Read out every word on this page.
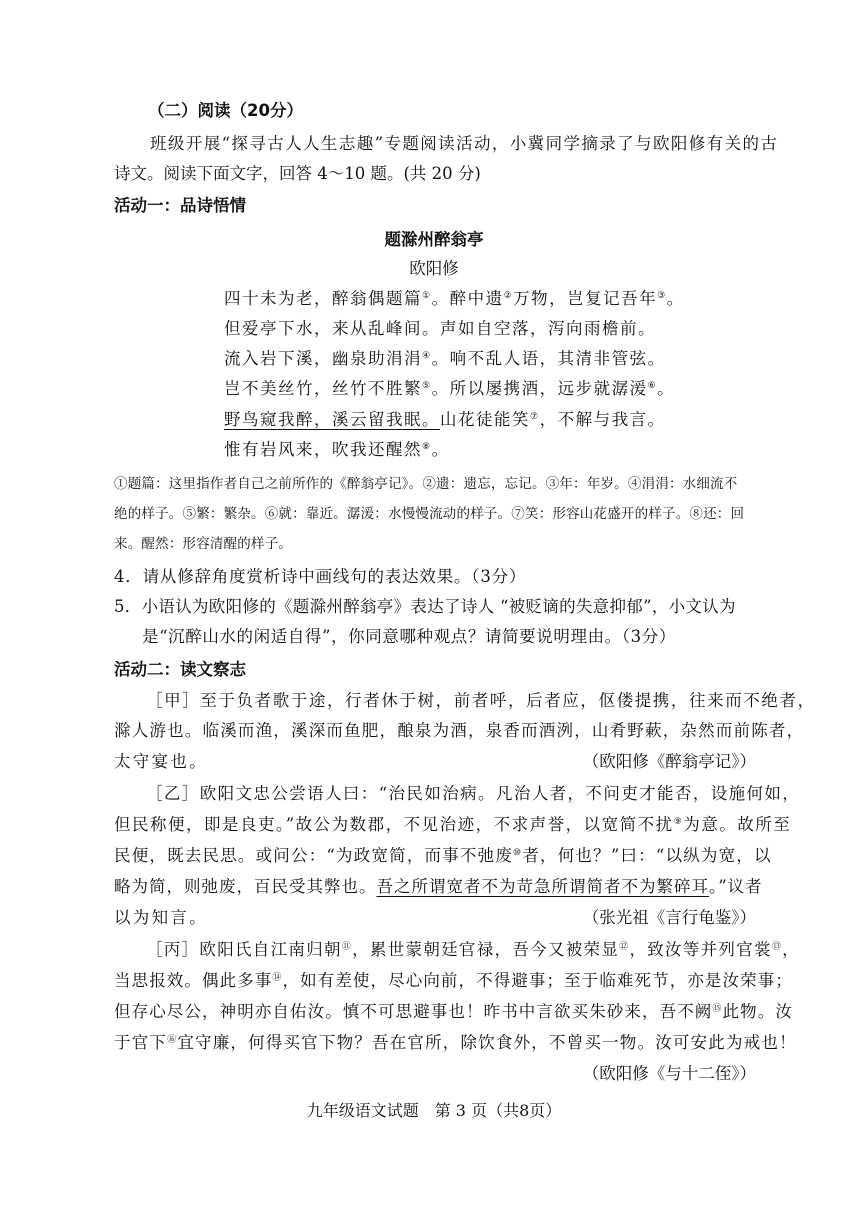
（二）阅读（20分）
班级开展“探寻古人人生志趣”专题阅读活动，小冀同学摘录了与欧阳修有关的古
诗文。阅读下面文字，回答 4～10 题。(共 20 分)
活动一：品诗悟情
题滁州醉翁亭
欧阳修
四十未为老，醉翁偶题篇①。醉中遗②万物，岂复记吾年③。
但爱亭下水，来从乱峰间。声如自空落，泻向雨檐前。
流入岩下溪，幽泉助涓涓④。响不乱人语，其清非管弦。
岂不美丝竹，丝竹不胜繁⑤。所以屡携酒，远步就潺湲⑥。
野鸟窥我醉，溪云留我眠。山花徒能笑⑦，不解与我言。
惟有岩风来，吹我还醒然⑧。
①题篇：这里指作者自己之前所作的《醉翁亭记》。②遗：遗忘，忘记。③年：年岁。④涓涓：水细流不
绝的样子。⑤繁：繁杂。⑥就：靠近。潺湲：水慢慢流动的样子。⑦笑：形容山花盛开的样子。⑧还：回
来。醒然：形容清醒的样子。
4．请从修辞角度赏析诗中画线句的表达效果。（3分）
5．小语认为欧阳修的《题滁州醉翁亭》表达了诗人 “被贬谪的失意抑郁”，小文认为
是“沉醉山水的闲适自得”，你同意哪种观点？请简要说明理由。（3分）
活动二：读文察志
［甲］至于负者歌于途，行者休于树，前者呼，后者应，伛偻提携，往来而不绝者，
滁人游也。临溪而渔，溪深而鱼肥，酿泉为酒，泉香而酒洌，山肴野蔌，杂然而前陈者，
太守宴也。	（欧阳修《醉翁亭记》）
［乙］欧阳文忠公尝语人曰：“治民如治病。凡治人者，不问吏才能否，设施何如，
但民称便，即是良吏。”故公为数郡，不见治迹，不求声誉，以宽简不扰⑨为意。故所至
民便，既去民思。或问公：“为政宽简，而事不弛废⑩者，何也？”曰：“以纵为宽，以
略为简，则弛废，百民受其弊也。吾之所谓宽者不为苛急所谓简者不为繁碎耳。”议者
以为知言。	（张光祖《言行龟鉴》）
［丙］欧阳氏自江南归朝⑪，累世蒙朝廷官禄，吾今又被荣显⑫，致汝等并列官裳⑬，
当思报效。偶此多事⑭，如有差使，尽心向前，不得避事；至于临难死节，亦是汝荣事；
但存心尽公，神明亦自佑汝。慎不可思避事也！昨书中言欲买朱砂来，吾不阙⑮此物。汝
于官下⑯宜守廉，何得买官下物？吾在官所，除饮食外，不曾买一物。汝可安此为戒也！
（欧阳修《与十二侄》）
九年级语文试题　第 3 页（共8页）
